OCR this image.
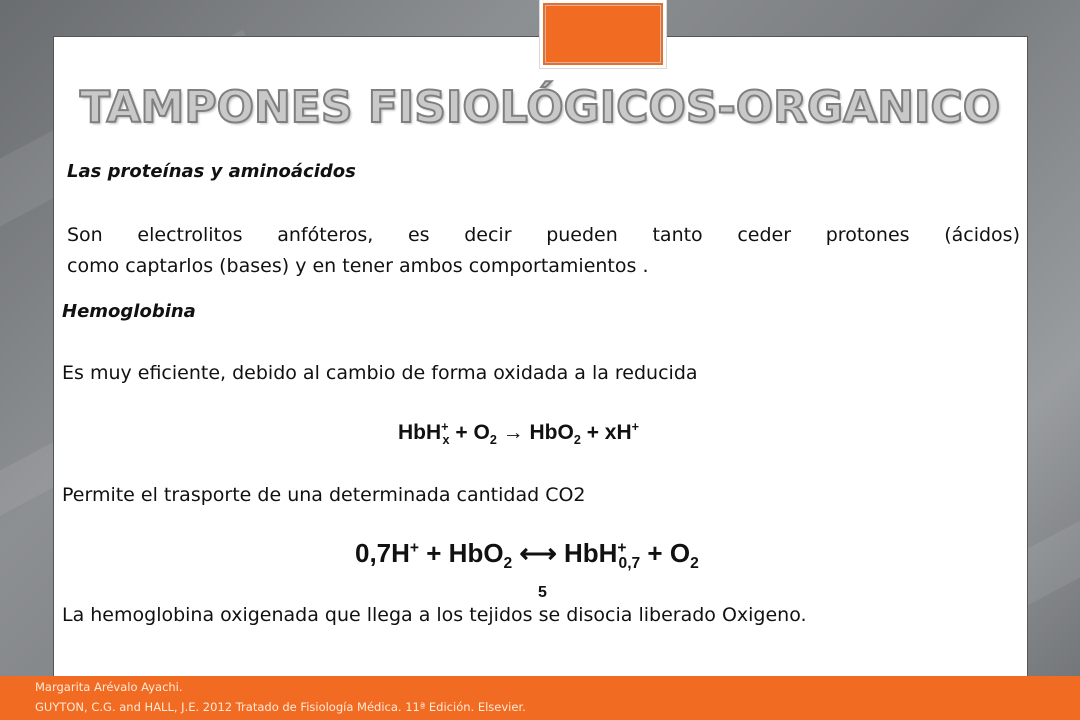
TAMPONES FISIOLÓGICOS-ORGANICO
Las proteínas y aminoácidos
Son electrolitos anfóteros, es decir pueden tanto ceder protones (ácidos)
como captarlos (bases) y en tener ambos comportamientos .
Hemoglobina
Es muy eficiente, debido al cambio de forma oxidada a la reducida
$HbH^+_x + O_2 \to HbO_2 + xH^+$
Permite el trasporte de una determinada cantidad CO2
0,7H+ + HbO$_2$ ⟷ $HbH^+_{0,7} + O_2$
5
La hemoglobina oxigenada que llega a los tejidos se disocia liberado Oxigeno.
Margarita Arévalo Ayachi.
GUYTON, C.G. and HALL, J.E. 2012 Tratado de Fisiología Médica. 11ª Edición. Elsevier.
